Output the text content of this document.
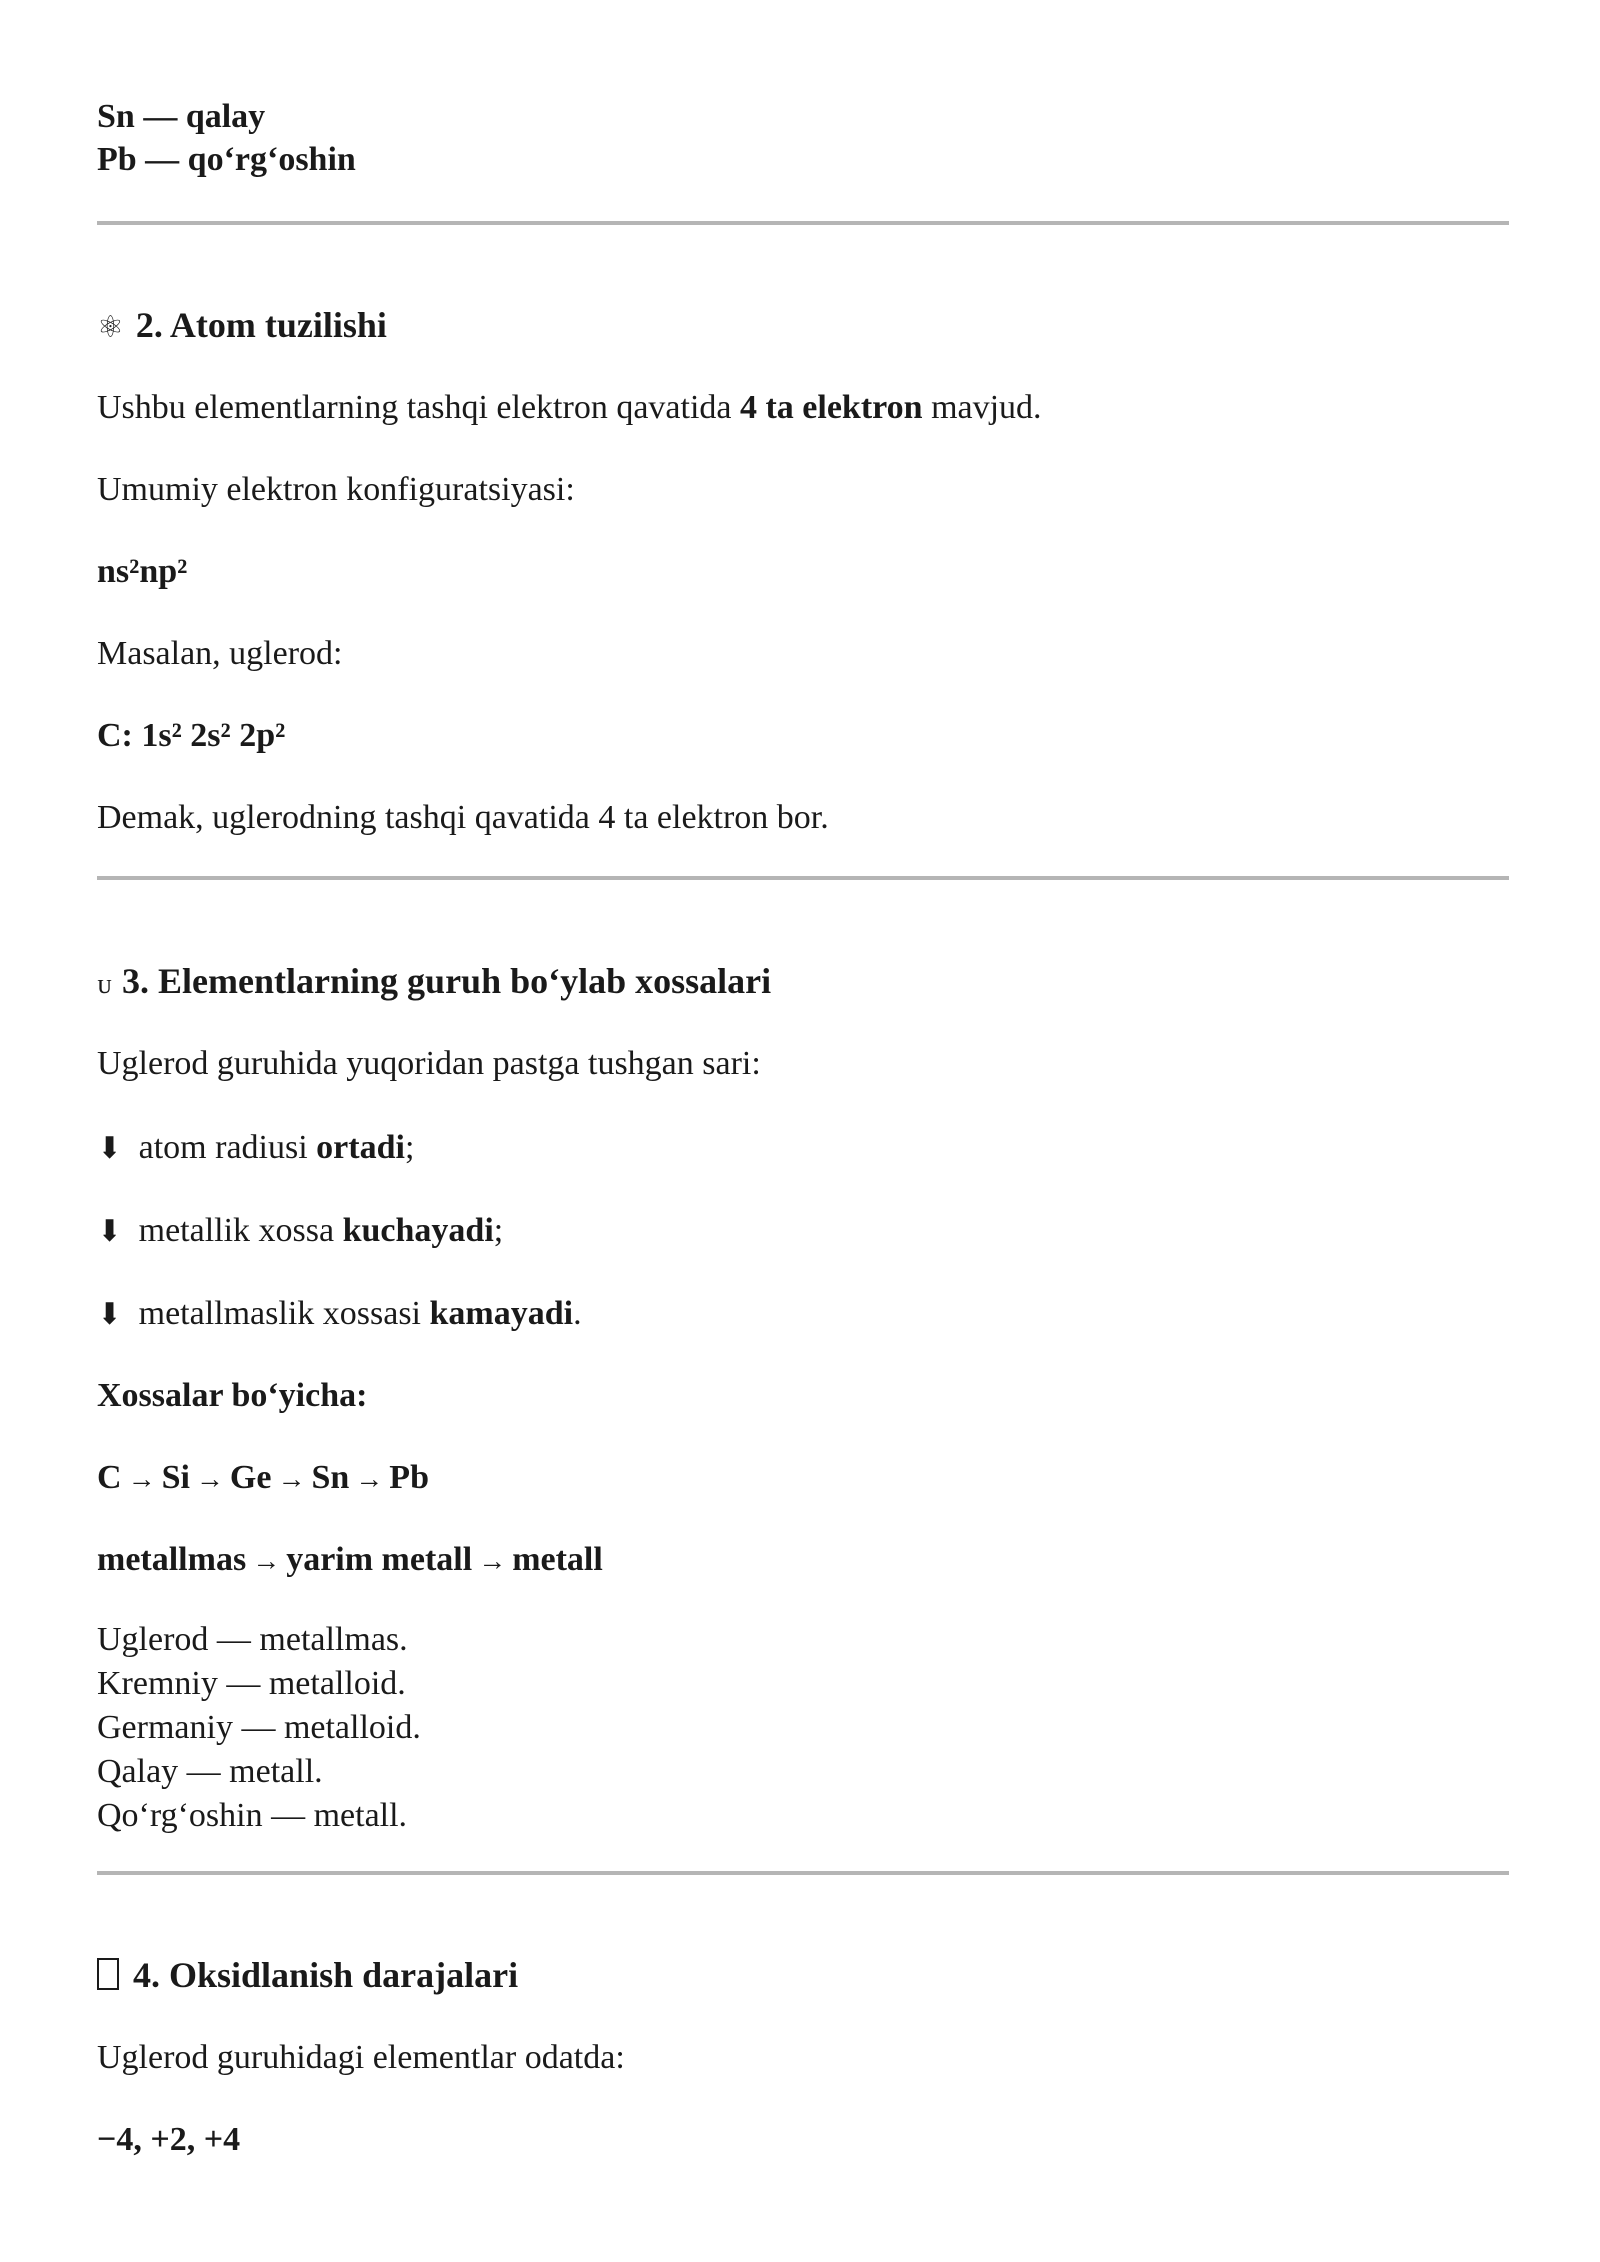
Sn — qalay
Pb — qo‘rg‘oshin
⚛ 2. Atom tuzilishi
Ushbu elementlarning tashqi elektron qavatida 4 ta elektron mavjud.
Umumiy elektron konfiguratsiyasi:
ns²np²
Masalan, uglerod:
C: 1s² 2s² 2p²
Demak, uglerodning tashqi qavatida 4 ta elektron bor.
ᴜ 3. Elementlarning guruh bo‘ylab xossalari
Uglerod guruhida yuqoridan pastga tushgan sari:
⬇ atom radiusi ortadi;
⬇ metallik xossa kuchayadi;
⬇ metallmaslik xossasi kamayadi.
Xossalar bo‘yicha:
C → Si → Ge → Sn → Pb
metallmas → yarim metall → metall
Uglerod — metallmas.
Kremniy — metalloid.
Germaniy — metalloid.
Qalay — metall.
Qo‘rg‘oshin — metall.
4. Oksidlanish darajalari
Uglerod guruhidagi elementlar odatda:
−4, +2, +4
